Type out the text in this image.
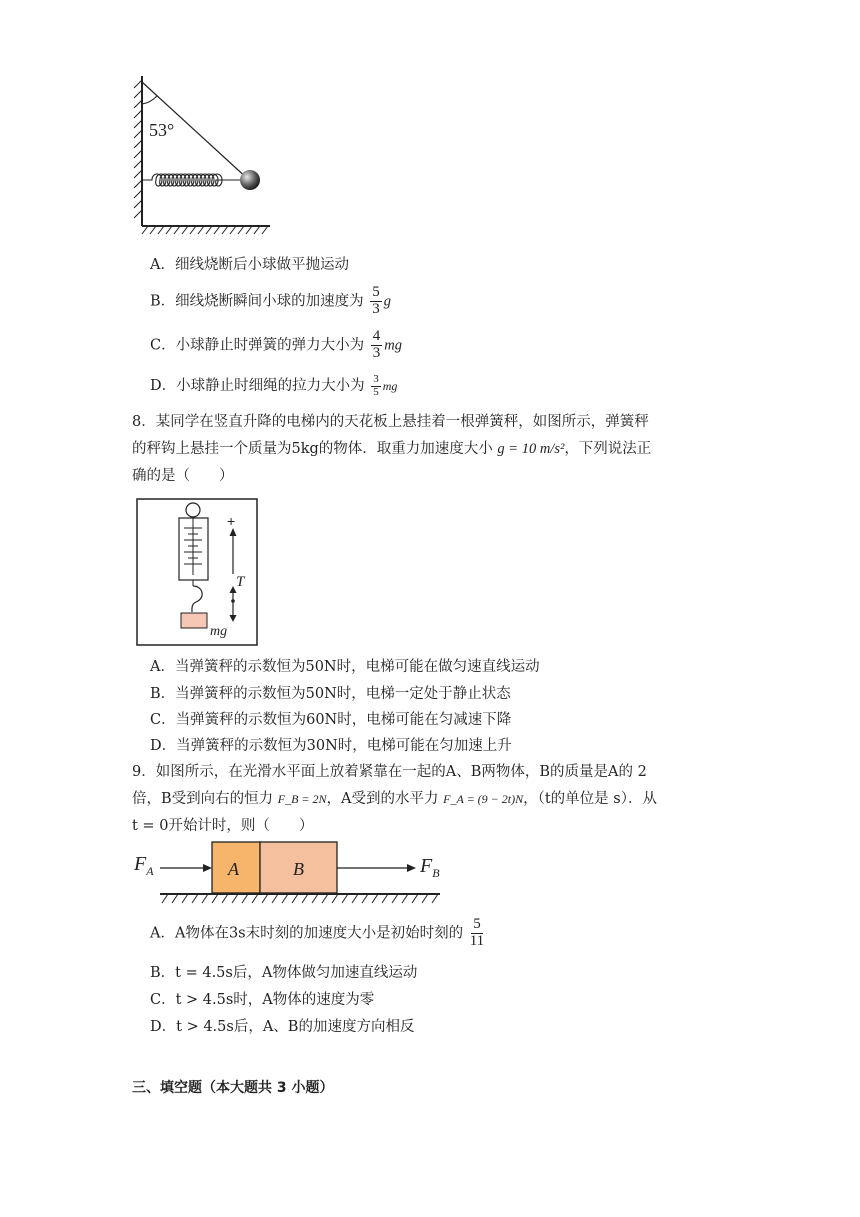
53°
A．细线烧断后小球做平抛运动
B．细线烧断瞬间小球的加速度为 $\frac{5}{3}$ g
C．小球静止时弹簧的弹力大小为 $\frac{4}{3}$ mg
D．小球静止时细绳的拉力大小为 $\frac{3}{5}$ mg
8．某同学在竖直升降的电梯内的天花板上悬挂着一根弹簧秤，如图所示，弹簧秤
的秤钩上悬挂一个质量为5kg的物体．取重力加速度大小 g = 10 m/s²，下列说法正
确的是（　　）
+
T
mg
A．当弹簧秤的示数恒为50N时，电梯可能在做匀速直线运动
B．当弹簧秤的示数恒为50N时，电梯一定处于静止状态
C．当弹簧秤的示数恒为60N时，电梯可能在匀减速下降
D．当弹簧秤的示数恒为30N时，电梯可能在匀加速上升
9．如图所示，在光滑水平面上放着紧靠在一起的A、B两物体，B的质量是A的 2
倍，B受到向右的恒力 F_B = 2N，A受到的水平力 F_A = (9 − 2t)N，（t的单位是 s）．从
t = 0开始计时，则（　　）
A	B
$F_A$	$F_B$
A．A物体在3s末时刻的加速度大小是初始时刻的 $\frac{5}{11}$
B．t = 4.5s后，A物体做匀加速直线运动
C．t > 4.5s时，A物体的速度为零
D．t > 4.5s后，A、B的加速度方向相反
三、填空题（本大题共 3 小题）
